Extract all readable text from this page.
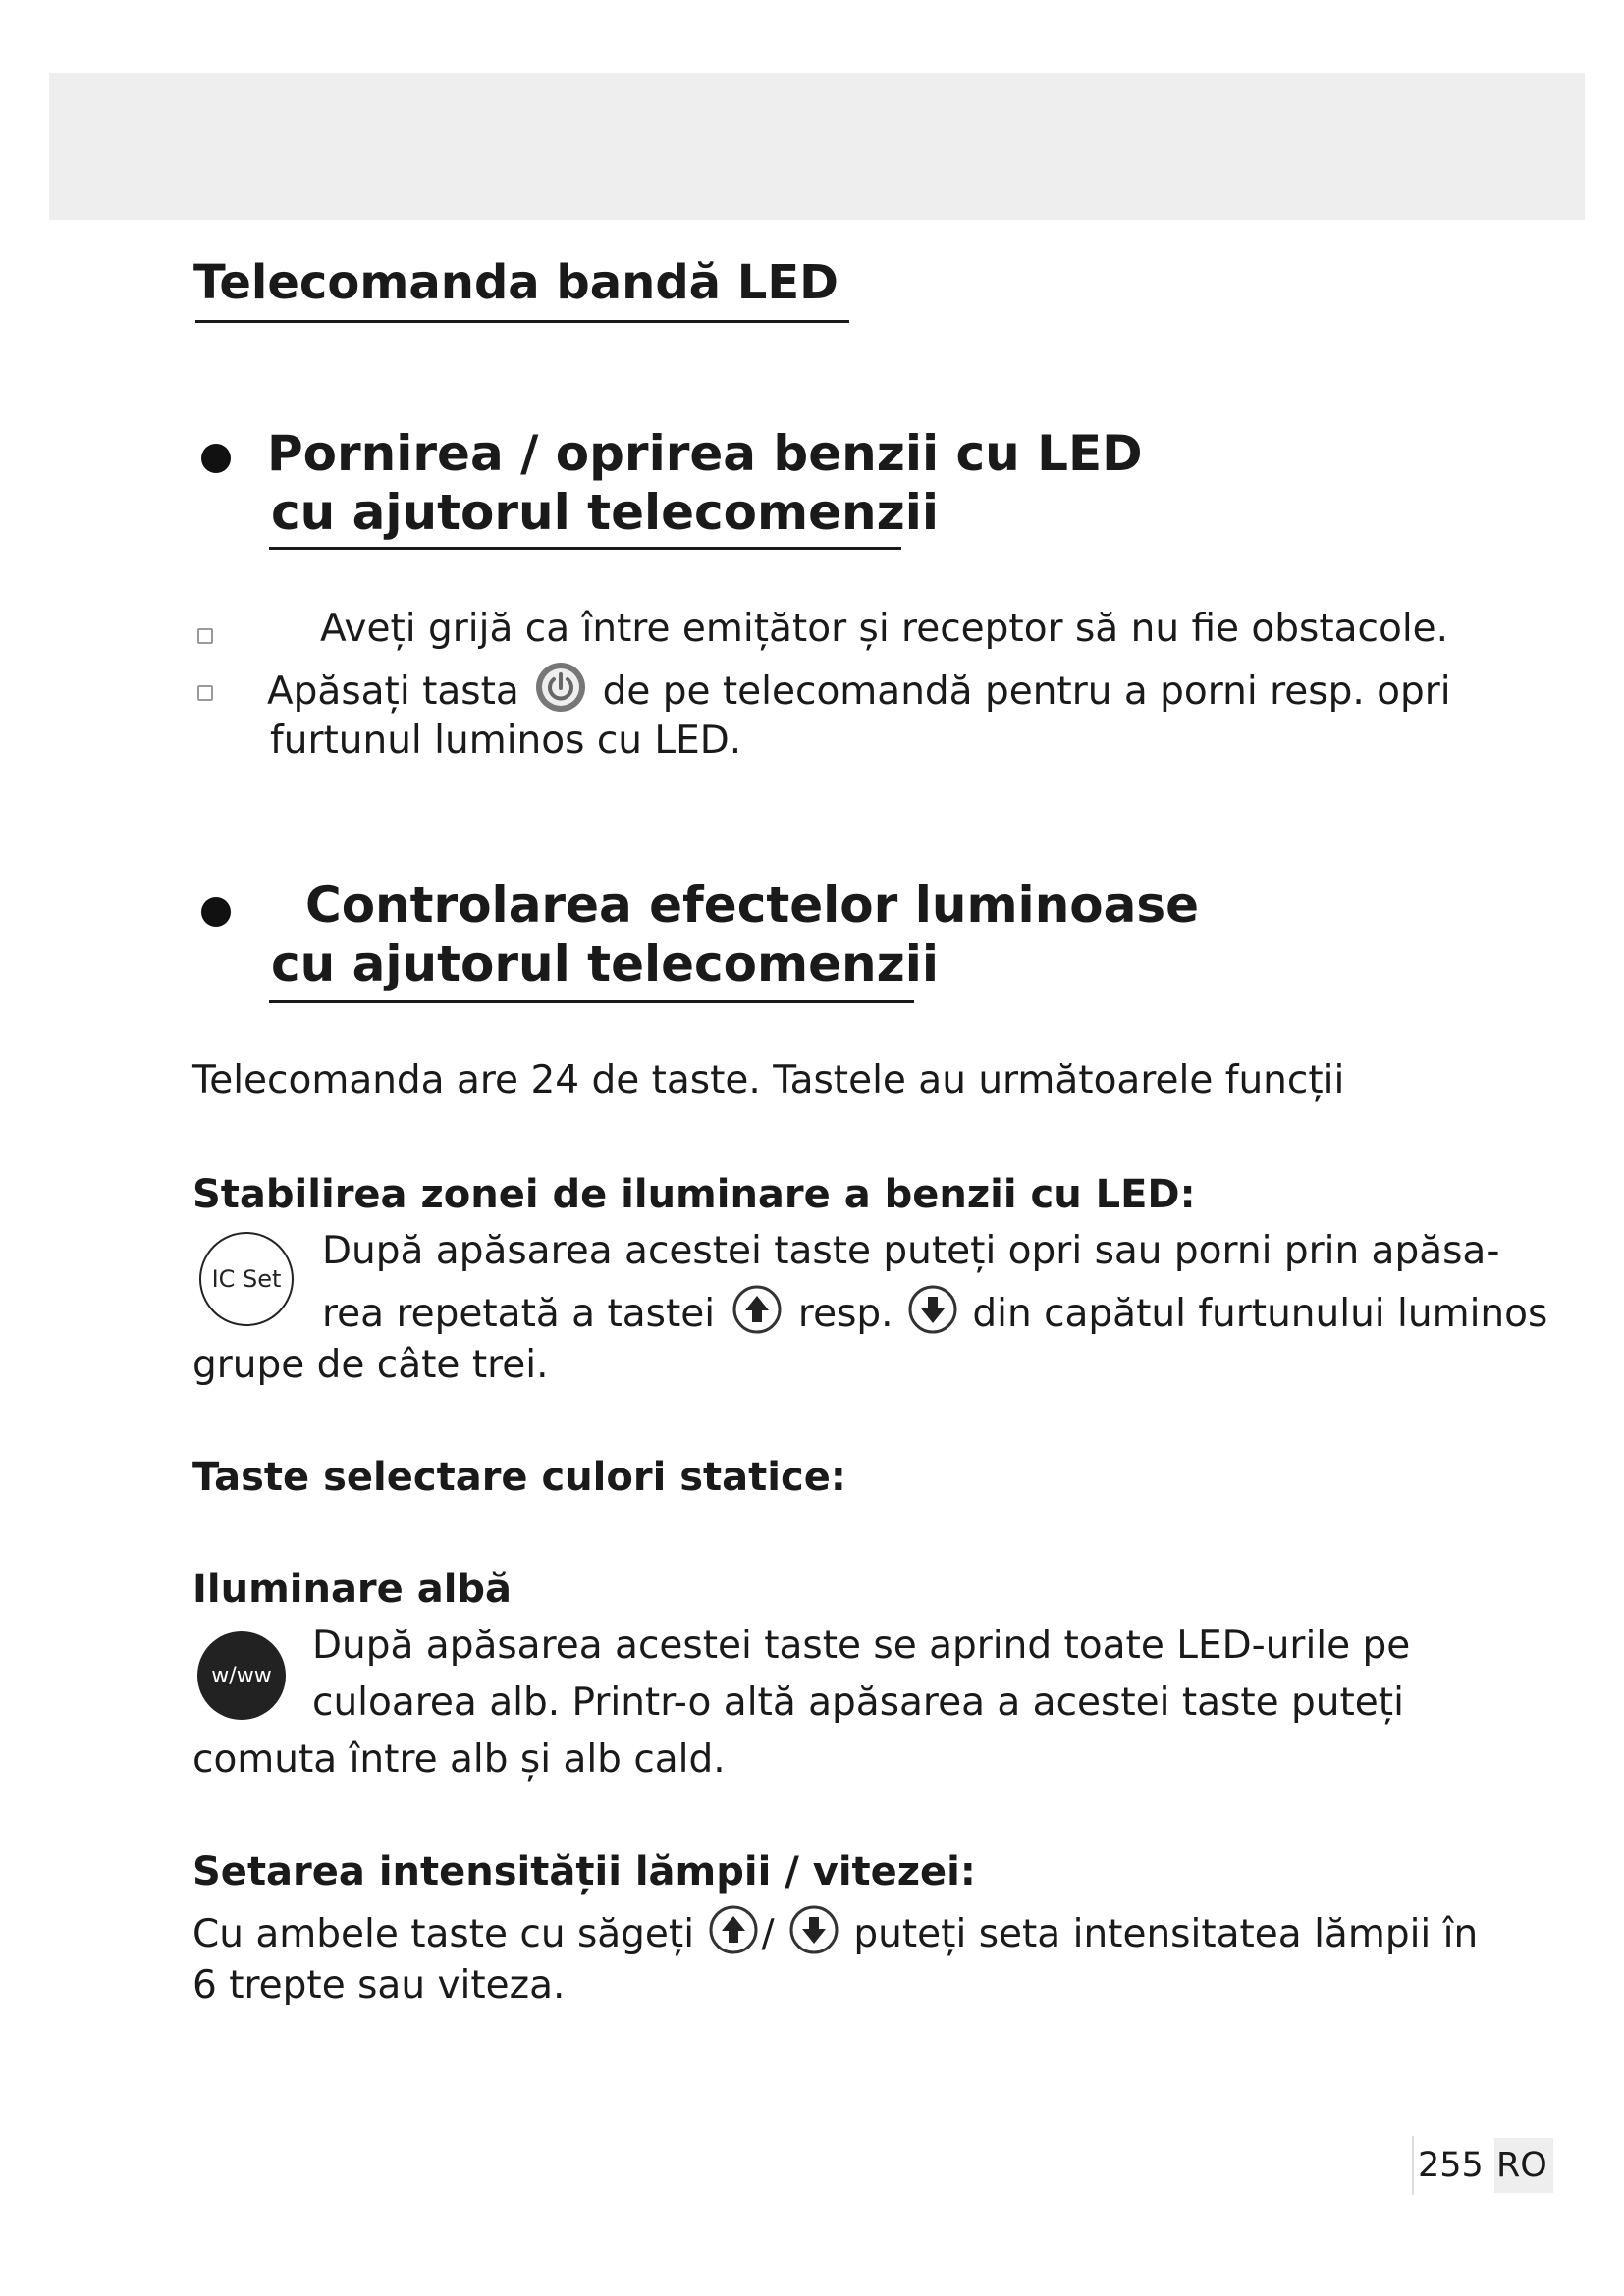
Telecomanda bandă LED
Pornirea / oprirea benzii cu LED
cu ajutorul telecomenzii
Aveți grijă ca între emițător și receptor să nu fie obstacole.
Apăsați tasta de pe telecomandă pentru a porni resp. opri
furtunul luminos cu LED.
Controlarea efectelor luminoase
cu ajutorul telecomenzii
Telecomanda are 24 de taste. Tastele au următoarele funcții
Stabilirea zonei de iluminare a benzii cu LED:
IC Set
După apăsarea acestei taste puteți opri sau porni prin apăsa-
rea repetată a tastei resp. din capătul furtunului luminos
grupe de câte trei.
Taste selectare culori statice:
Iluminare albă
w/ww
După apăsarea acestei taste se aprind toate LED-urile pe
culoarea alb. Printr-o altă apăsarea a acestei taste puteți
comuta între alb și alb cald.
Setarea intensității lămpii / vitezei:
Cu ambele taste cu săgeți / puteți seta intensitatea lămpii în
6 trepte sau viteza.
255 RO
